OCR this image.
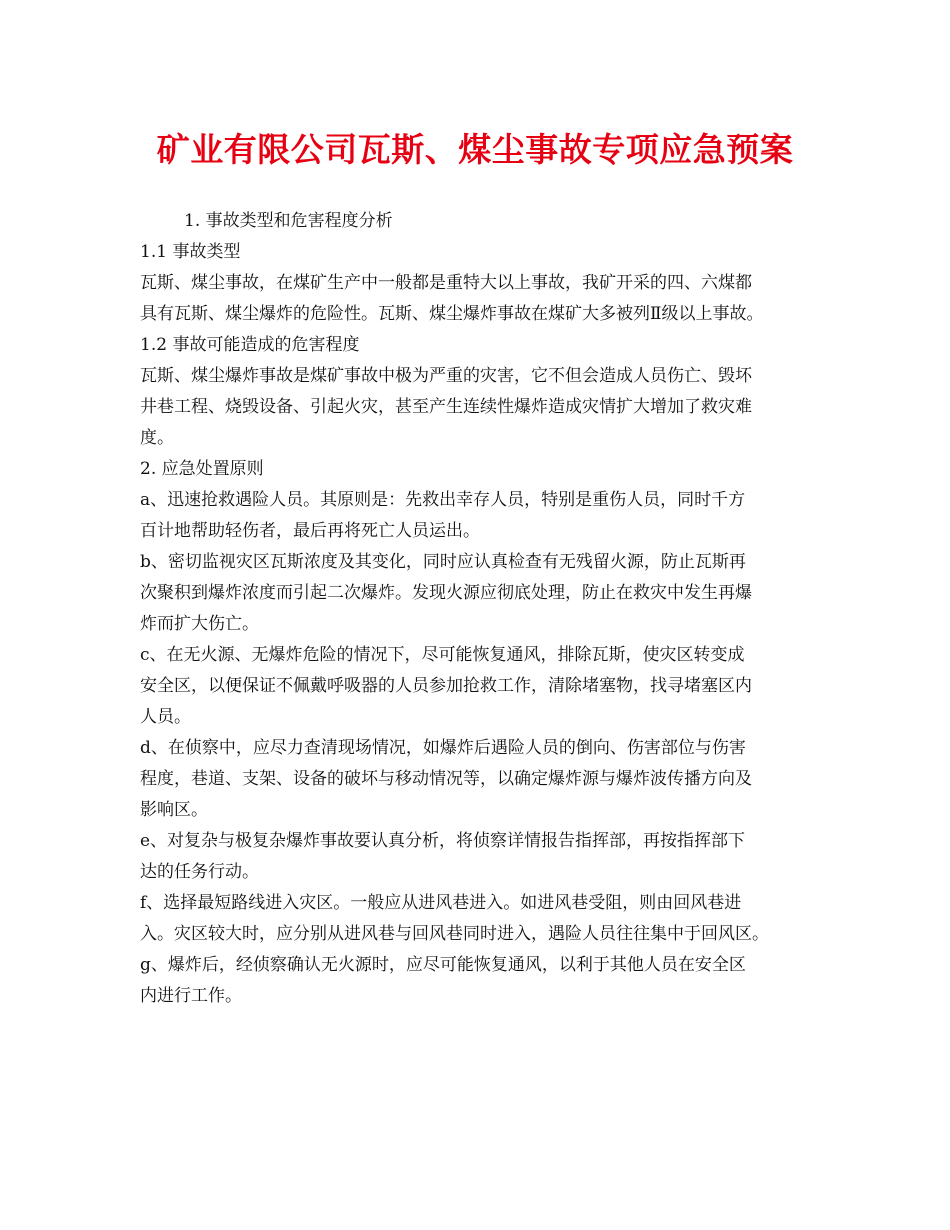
矿业有限公司瓦斯、煤尘事故专项应急预案
1. 事故类型和危害程度分析
1.1 事故类型
瓦斯、煤尘事故，在煤矿生产中一般都是重特大以上事故，我矿开采的四、六煤都
具有瓦斯、煤尘爆炸的危险性。瓦斯、煤尘爆炸事故在煤矿大多被列Ⅱ级以上事故。
1.2 事故可能造成的危害程度
瓦斯、煤尘爆炸事故是煤矿事故中极为严重的灾害，它不但会造成人员伤亡、毁坏
井巷工程、烧毁设备、引起火灾，甚至产生连续性爆炸造成灾情扩大增加了救灾难
度。
2. 应急处置原则
a、迅速抢救遇险人员。其原则是：先救出幸存人员，特别是重伤人员，同时千方
百计地帮助轻伤者，最后再将死亡人员运出。
b、密切监视灾区瓦斯浓度及其变化，同时应认真检查有无残留火源，防止瓦斯再
次聚积到爆炸浓度而引起二次爆炸。发现火源应彻底处理，防止在救灾中发生再爆
炸而扩大伤亡。
c、在无火源、无爆炸危险的情况下，尽可能恢复通风，排除瓦斯，使灾区转变成
安全区，以便保证不佩戴呼吸器的人员参加抢救工作，清除堵塞物，找寻堵塞区内
人员。
d、在侦察中，应尽力查清现场情况，如爆炸后遇险人员的倒向、伤害部位与伤害
程度，巷道、支架、设备的破坏与移动情况等，以确定爆炸源与爆炸波传播方向及
影响区。
e、对复杂与极复杂爆炸事故要认真分析，将侦察详情报告指挥部，再按指挥部下
达的任务行动。
f、选择最短路线进入灾区。一般应从进风巷进入。如进风巷受阻，则由回风巷进
入。灾区较大时，应分别从进风巷与回风巷同时进入，遇险人员往往集中于回风区。
g、爆炸后，经侦察确认无火源时，应尽可能恢复通风，以利于其他人员在安全区
内进行工作。
